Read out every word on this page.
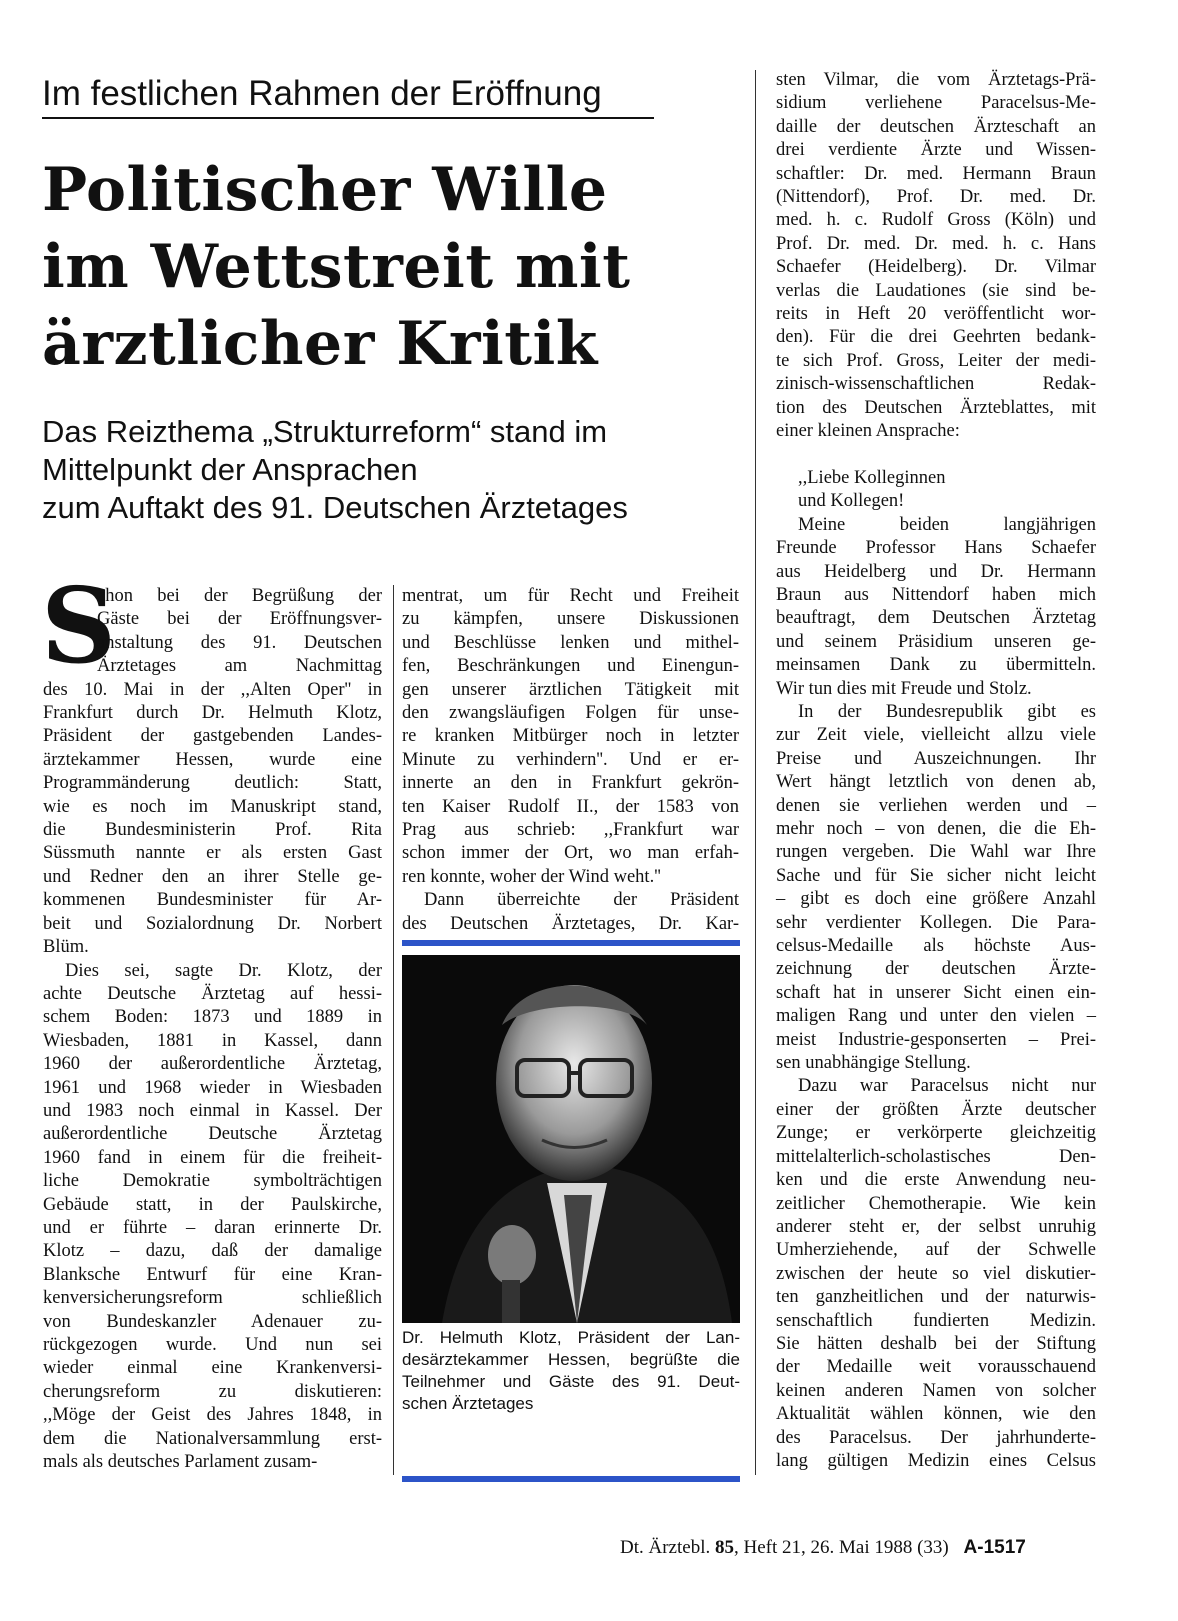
Im festlichen Rahmen der Eröffnung
Politischer Wille
im Wettstreit mit
ärztlicher Kritik
Das Reizthema „Strukturreform“ stand im
Mittelpunkt der Ansprachen
zum Auftakt des 91. Deutschen Ärztetages
S
chon bei der Begrüßung der
Gäste bei der Eröffnungsver-
anstaltung des 91. Deutschen
Ärztetages am Nachmittag
des 10. Mai in der ,,Alten Oper'' in
Frankfurt durch Dr. Helmuth Klotz,
Präsident der gastgebenden Landes-
ärztekammer Hessen, wurde eine
Programmänderung deutlich: Statt,
wie es noch im Manuskript stand,
die Bundesministerin Prof. Rita
Süssmuth nannte er als ersten Gast
und Redner den an ihrer Stelle ge-
kommenen Bundesminister für Ar-
beit und Sozialordnung Dr. Norbert
Blüm.
Dies sei, sagte Dr. Klotz, der
achte Deutsche Ärztetag auf hessi-
schem Boden: 1873 und 1889 in
Wiesbaden, 1881 in Kassel, dann
1960 der außerordentliche Ärztetag,
1961 und 1968 wieder in Wiesbaden
und 1983 noch einmal in Kassel. Der
außerordentliche Deutsche Ärztetag
1960 fand in einem für die freiheit-
liche Demokratie symbolträchtigen
Gebäude statt, in der Paulskirche,
und er führte – daran erinnerte Dr.
Klotz – dazu, daß der damalige
Blanksche Entwurf für eine Kran-
kenversicherungsreform schließlich
von Bundeskanzler Adenauer zu-
rückgezogen wurde. Und nun sei
wieder einmal eine Krankenversi-
cherungsreform zu diskutieren:
,,Möge der Geist des Jahres 1848, in
dem die Nationalversammlung erst-
mals als deutsches Parlament zusam-
mentrat, um für Recht und Freiheit
zu kämpfen, unsere Diskussionen
und Beschlüsse lenken und mithel-
fen, Beschränkungen und Einengun-
gen unserer ärztlichen Tätigkeit mit
den zwangsläufigen Folgen für unse-
re kranken Mitbürger noch in letzter
Minute zu verhindern''. Und er er-
innerte an den in Frankfurt gekrön-
ten Kaiser Rudolf II., der 1583 von
Prag aus schrieb: ,,Frankfurt war
schon immer der Ort, wo man erfah-
ren konnte, woher der Wind weht.''
Dann überreichte der Präsident
des Deutschen Ärztetages, Dr. Kar-
sten Vilmar, die vom Ärztetags-Prä-
sidium verliehene Paracelsus-Me-
daille der deutschen Ärzteschaft an
drei verdiente Ärzte und Wissen-
schaftler: Dr. med. Hermann Braun
(Nittendorf), Prof. Dr. med. Dr.
med. h. c. Rudolf Gross (Köln) und
Prof. Dr. med. Dr. med. h. c. Hans
Schaefer (Heidelberg). Dr. Vilmar
verlas die Laudationes (sie sind be-
reits in Heft 20 veröffentlicht wor-
den). Für die drei Geehrten bedank-
te sich Prof. Gross, Leiter der medi-
zinisch-wissenschaftlichen Redak-
tion des Deutschen Ärzteblattes, mit
einer kleinen Ansprache:

,,Liebe Kolleginnen
und Kollegen!
Meine beiden langjährigen
Freunde Professor Hans Schaefer
aus Heidelberg und Dr. Hermann
Braun aus Nittendorf haben mich
beauftragt, dem Deutschen Ärztetag
und seinem Präsidium unseren ge-
meinsamen Dank zu übermitteln.
Wir tun dies mit Freude und Stolz.
In der Bundesrepublik gibt es
zur Zeit viele, vielleicht allzu viele
Preise und Auszeichnungen. Ihr
Wert hängt letztlich von denen ab,
denen sie verliehen werden und –
mehr noch – von denen, die die Eh-
rungen vergeben. Die Wahl war Ihre
Sache und für Sie sicher nicht leicht
– gibt es doch eine größere Anzahl
sehr verdienter Kollegen. Die Para-
celsus-Medaille als höchste Aus-
zeichnung der deutschen Ärzte-
schaft hat in unserer Sicht einen ein-
maligen Rang und unter den vielen –
meist Industrie-gesponserten – Prei-
sen unabhängige Stellung.
Dazu war Paracelsus nicht nur
einer der größten Ärzte deutscher
Zunge; er verkörperte gleichzeitig
mittelalterlich-scholastisches Den-
ken und die erste Anwendung neu-
zeitlicher Chemotherapie. Wie kein
anderer steht er, der selbst unruhig
Umherziehende, auf der Schwelle
zwischen der heute so viel diskutier-
ten ganzheitlichen und der naturwis-
senschaftlich fundierten Medizin.
Sie hätten deshalb bei der Stiftung
der Medaille weit vorausschauend
keinen anderen Namen von solcher
Aktualität wählen können, wie den
des Paracelsus. Der jahrhunderte-
lang gültigen Medizin eines Celsus
Dr. Helmuth Klotz, Präsident der Lan-
desärztekammer Hessen, begrüßte die
Teilnehmer und Gäste des 91. Deut-
schen Ärztetages
Dt. Ärztebl. 85, Heft 21, 26. Mai 1988 (33) A-1517
